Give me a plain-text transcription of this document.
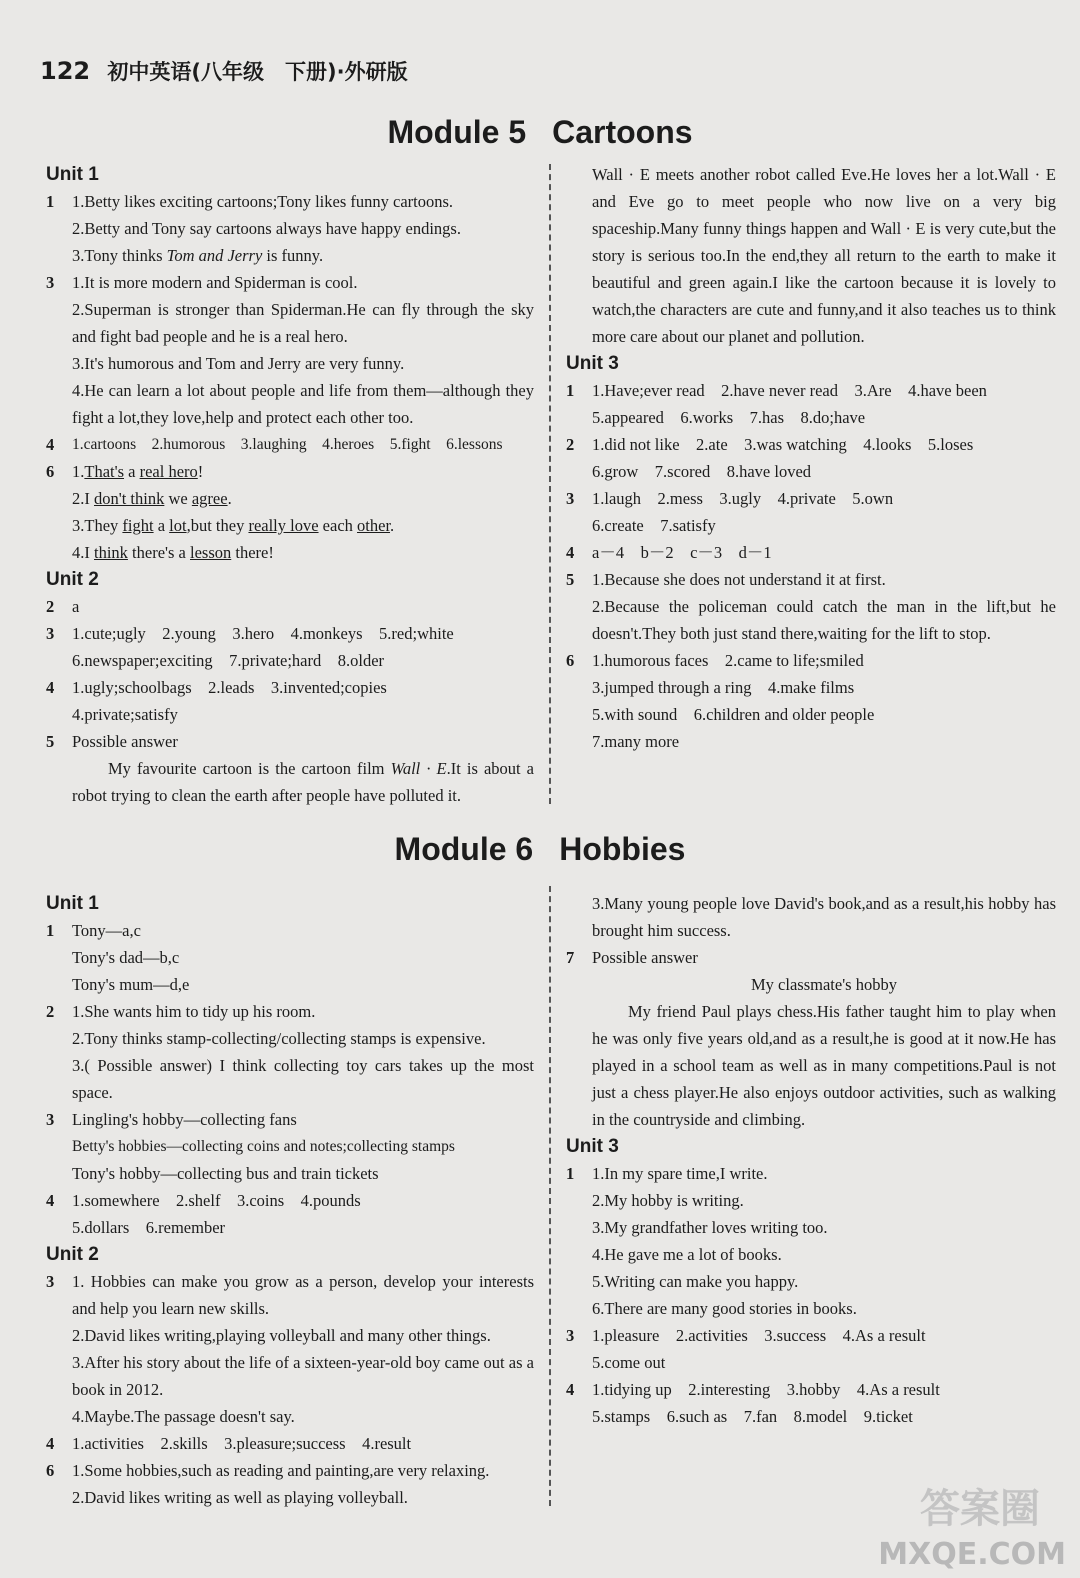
122 初中英语(八年级　下册)·外研版
Module 5 Cartoons
Unit 1
1	1.Betty likes exciting cartoons;Tony likes funny cartoons.
2.Betty and Tony say cartoons always have happy endings.
3.Tony thinks Tom and Jerry is funny.
3	1.It is more modern and Spiderman is cool.
2.Superman is stronger than Spiderman.He can fly through the sky and fight bad people and he is a real hero.
3.It's humorous and Tom and Jerry are very funny.
4.He can learn a lot about people and life from them—although they fight a lot,they love,help and protect each other too.
4	1.cartoons　2.humorous　3.laughing　4.heroes　5.fight　6.lessons
6	1.That's a real hero!
2.I don't think we agree.
3.They fight a lot,but they really love each other.
4.I think there's a lesson there!
Unit 2
2	a
3	1.cute;ugly　2.young　3.hero　4.monkeys　5.red;white
6.newspaper;exciting　7.private;hard　8.older
4	1.ugly;schoolbags　2.leads　3.invented;copies
4.private;satisfy
5	Possible answer
My favourite cartoon is the cartoon film Wall · E.It is about a robot trying to clean the earth after people have polluted it.
Wall · E meets another robot called Eve.He loves her a lot.Wall · E and Eve go to meet people who now live on a very big spaceship.Many funny things happen and Wall · E is very cute,but the story is serious too.In the end,they all return to the earth to make it beautiful and green again.I like the cartoon because it is lovely to watch,the characters are cute and funny,and it also teaches us to think more care about our planet and pollution.
Unit 3
1	1.Have;ever read　2.have never read　3.Are　4.have been
5.appeared　6.works　7.has　8.do;have
2	1.did not like　2.ate　3.was watching　4.looks　5.loses
6.grow　7.scored　8.have loved
3	1.laugh　2.mess　3.ugly　4.private　5.own
6.create　7.satisfy
4	a－4　b－2　c－3　d－1
5	1.Because she does not understand it at first.
2.Because the policeman could catch the man in the lift,but he doesn't.They both just stand there,waiting for the lift to stop.
6	1.humorous faces　2.came to life;smiled
3.jumped through a ring　4.make films
5.with sound　6.children and older people
7.many more
Module 6 Hobbies
Unit 1
1	Tony—a,c
Tony's dad—b,c
Tony's mum—d,e
2	1.She wants him to tidy up his room.
2.Tony thinks stamp-collecting/collecting stamps is expensive.
3.( Possible answer) I think collecting toy cars takes up the most space.
3	Lingling's hobby—collecting fans
Betty's hobbies—collecting coins and notes;collecting stamps
Tony's hobby—collecting bus and train tickets
4	1.somewhere　2.shelf　3.coins　4.pounds
5.dollars　6.remember
Unit 2
3	1. Hobbies can make you grow as a person, develop your interests and help you learn new skills.
2.David likes writing,playing volleyball and many other things.
3.After his story about the life of a sixteen-year-old boy came out as a book in 2012.
4.Maybe.The passage doesn't say.
4	1.activities　2.skills　3.pleasure;success　4.result
6	1.Some hobbies,such as reading and painting,are very relaxing.
2.David likes writing as well as playing volleyball.
3.Many young people love David's book,and as a result,his hobby has brought him success.
7	Possible answer
My classmate's hobby
My friend Paul plays chess.His father taught him to play when he was only five years old,and as a result,he is good at it now.He has played in a school team as well as in many competitions.Paul is not just a chess player.He also enjoys outdoor activities, such as walking in the countryside and climbing.
Unit 3
1	1.In my spare time,I write.
2.My hobby is writing.
3.My grandfather loves writing too.
4.He gave me a lot of books.
5.Writing can make you happy.
6.There are many good stories in books.
3	1.pleasure　2.activities　3.success　4.As a result
5.come out
4	1.tidying up　2.interesting　3.hobby　4.As a result
5.stamps　6.such as　7.fan　8.model　9.ticket
答案圈
MXQE.COM
